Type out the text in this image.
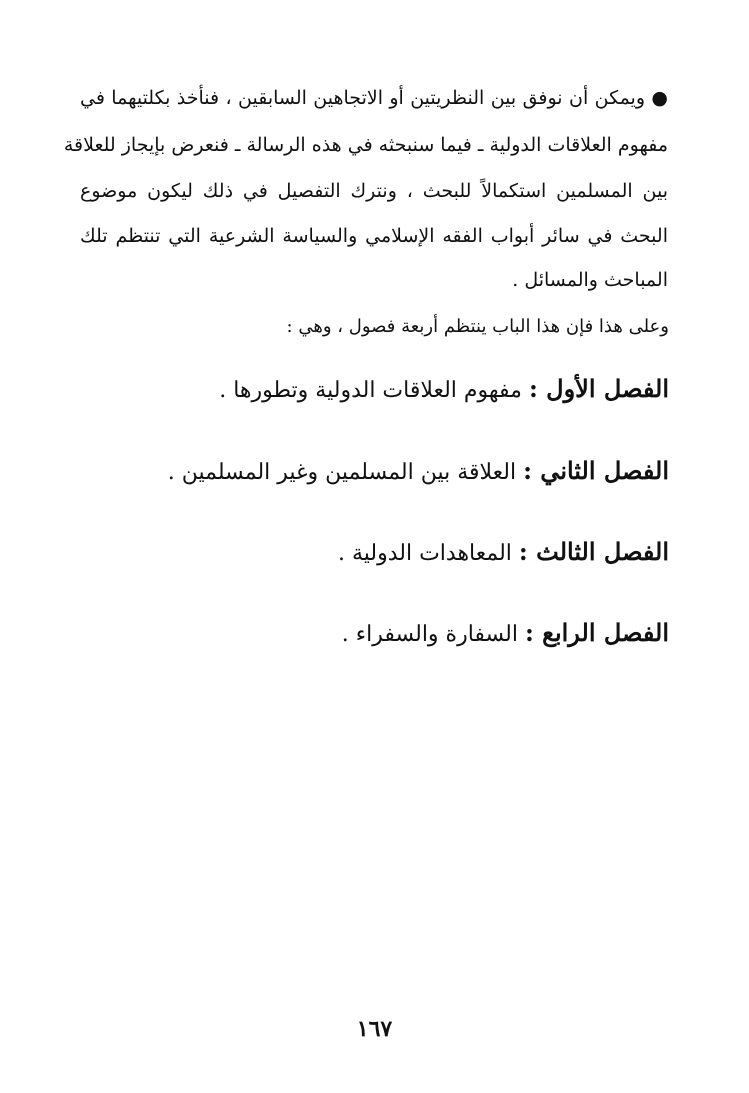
● ويمكن أن نوفق بين النظريتين أو الاتجاهين السابقين ، فنأخذ بكلتيهما في
مفهوم العلاقات الدولية ـ فيما سنبحثه في هذه الرسالة ـ فنعرض بإيجاز للعلاقة
بين المسلمين استكمالاً للبحث ، ونترك التفصيل في ذلك ليكون موضوع
البحث في سائر أبواب الفقه الإسلامي والسياسة الشرعية التي تنتظم تلك
المباحث والمسائل .
وعلى هذا فإن هذا الباب ينتظم أربعة فصول ، وهي :
الفصل الأول : مفهوم العلاقات الدولية وتطورها .
الفصل الثاني : العلاقة بين المسلمين وغير المسلمين .
الفصل الثالث : المعاهدات الدولية .
الفصل الرابع : السفارة والسفراء .
١٦٧
